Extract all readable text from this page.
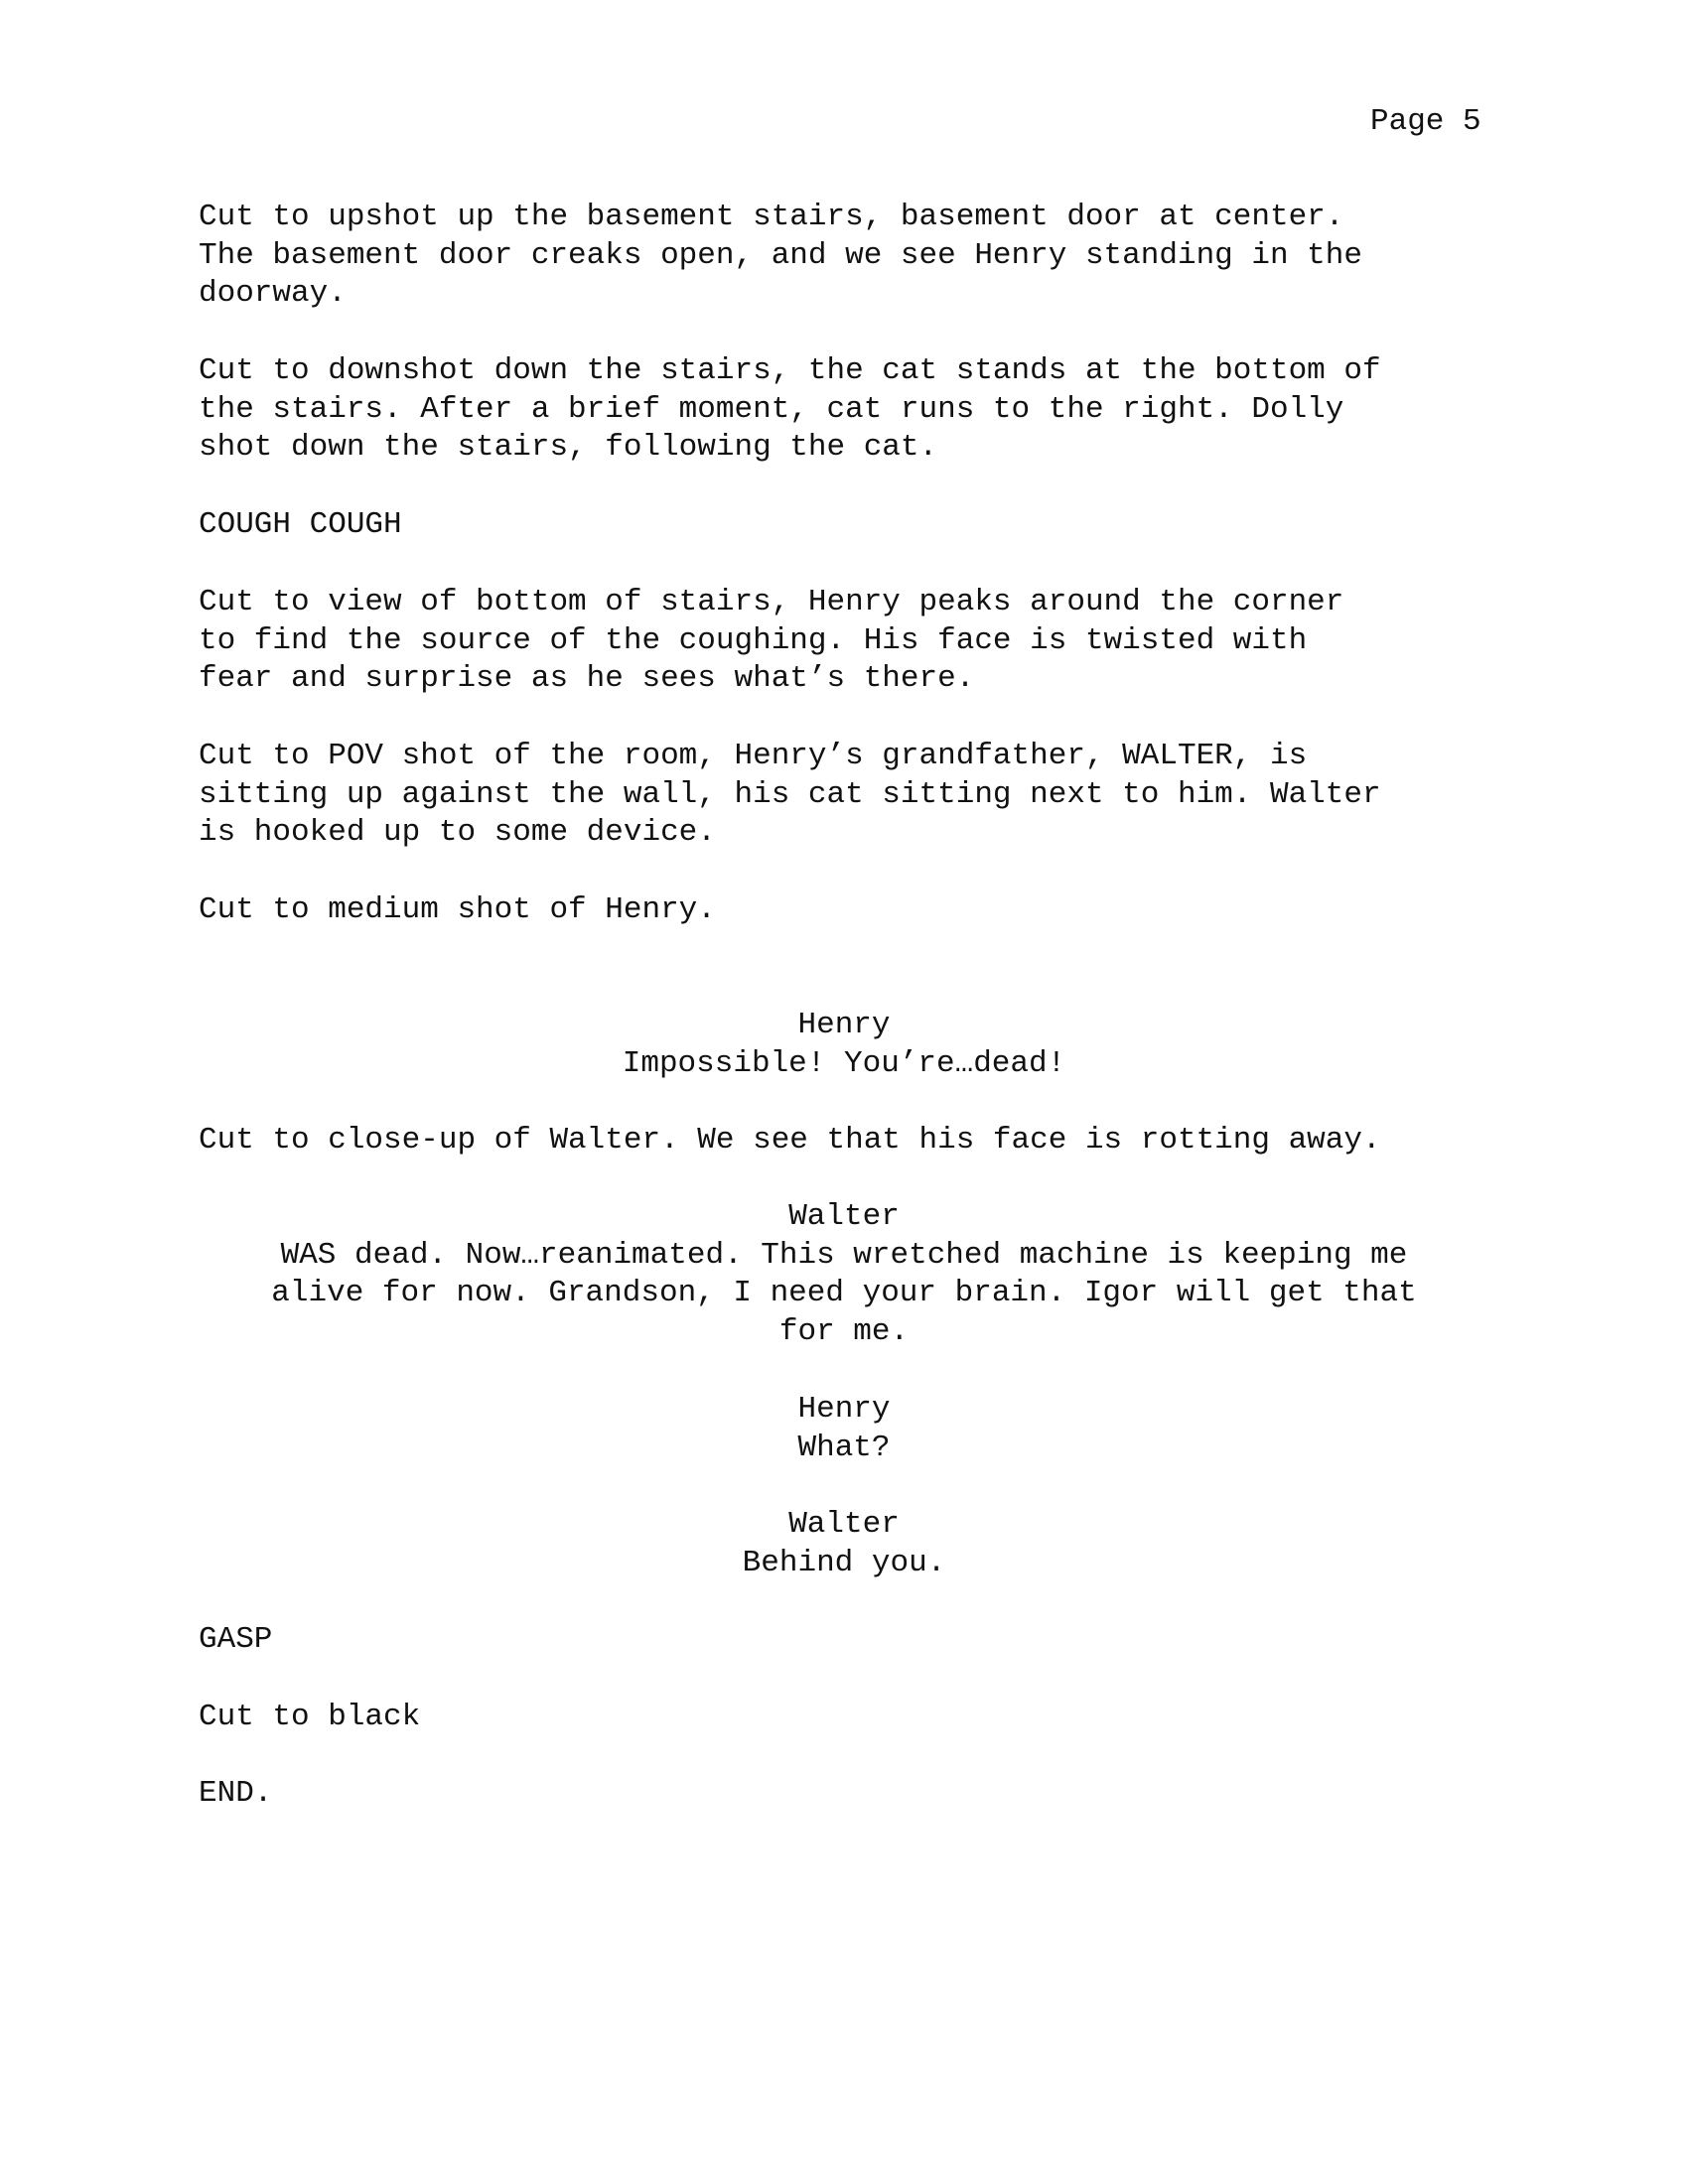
Page 5
Cut to upshot up the basement stairs, basement door at center.
The basement door creaks open, and we see Henry standing in the
doorway.
Cut to downshot down the stairs, the cat stands at the bottom of
the stairs. After a brief moment, cat runs to the right. Dolly
shot down the stairs, following the cat.
COUGH COUGH
Cut to view of bottom of stairs, Henry peaks around the corner
to find the source of the coughing. His face is twisted with
fear and surprise as he sees what’s there.
Cut to POV shot of the room, Henry’s grandfather, WALTER, is
sitting up against the wall, his cat sitting next to him. Walter
is hooked up to some device.
Cut to medium shot of Henry.
Henry
Impossible! You’re…dead!
Cut to close-up of Walter. We see that his face is rotting away.
Walter
WAS dead. Now…reanimated. This wretched machine is keeping me
alive for now. Grandson, I need your brain. Igor will get that
for me.
Henry
What?
Walter
Behind you.
GASP
Cut to black
END.
